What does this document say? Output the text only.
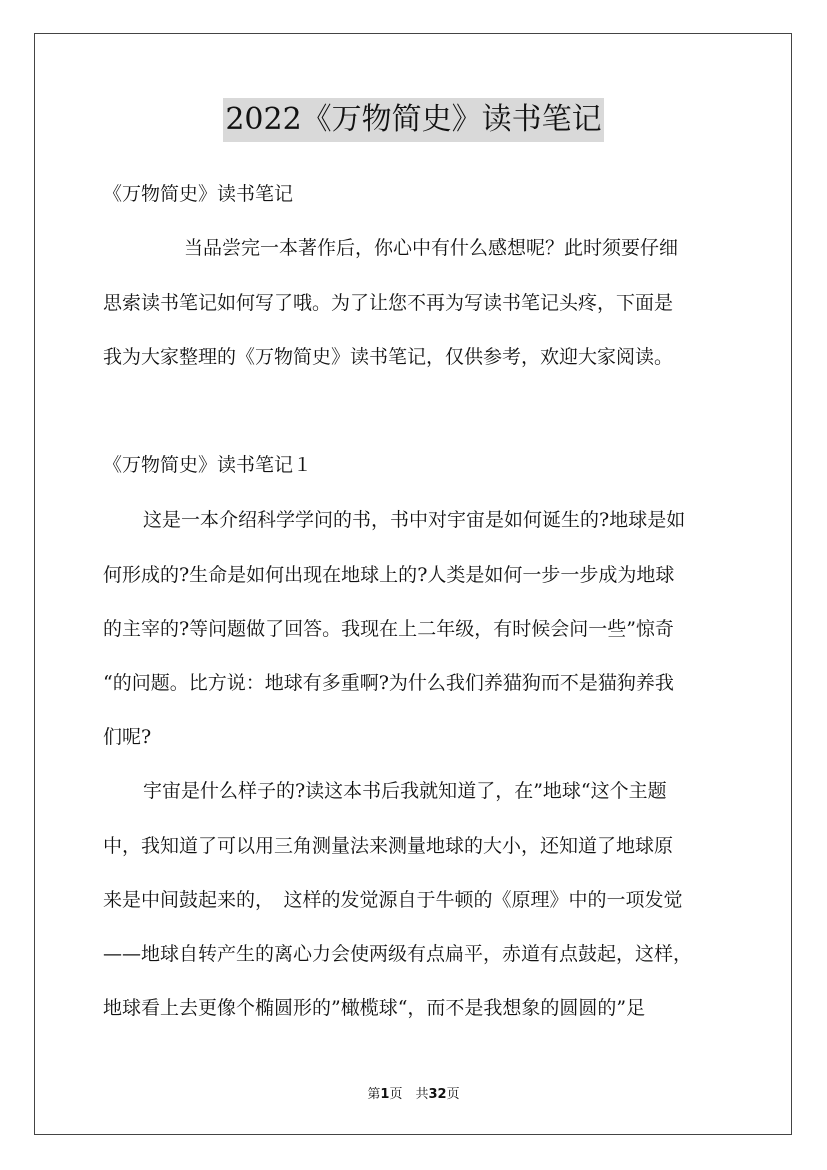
2022《万物简史》读书笔记
《万物简史》读书笔记
当品尝完一本著作后，你心中有什么感想呢？此时须要仔细
思索读书笔记如何写了哦。为了让您不再为写读书笔记头疼，下面是
我为大家整理的《万物简史》读书笔记，仅供参考，欢迎大家阅读。
《万物简史》读书笔记１
这是一本介绍科学学问的书，书中对宇宙是如何诞生的?地球是如
何形成的?生命是如何出现在地球上的?人类是如何一步一步成为地球
的主宰的?等问题做了回答。我现在上二年级，有时候会问一些”惊奇
“的问题。比方说：地球有多重啊?为什么我们养猫狗而不是猫狗养我
们呢?
宇宙是什么样子的?读这本书后我就知道了，在”地球“这个主题
中，我知道了可以用三角测量法来测量地球的大小，还知道了地球原
来是中间鼓起来的，　这样的发觉源自于牛顿的《原理》中的一项发觉
——地球自转产生的离心力会使两级有点扁平，赤道有点鼓起，这样，
地球看上去更像个椭圆形的”橄榄球“，而不是我想象的圆圆的”足
第1页　共32页
